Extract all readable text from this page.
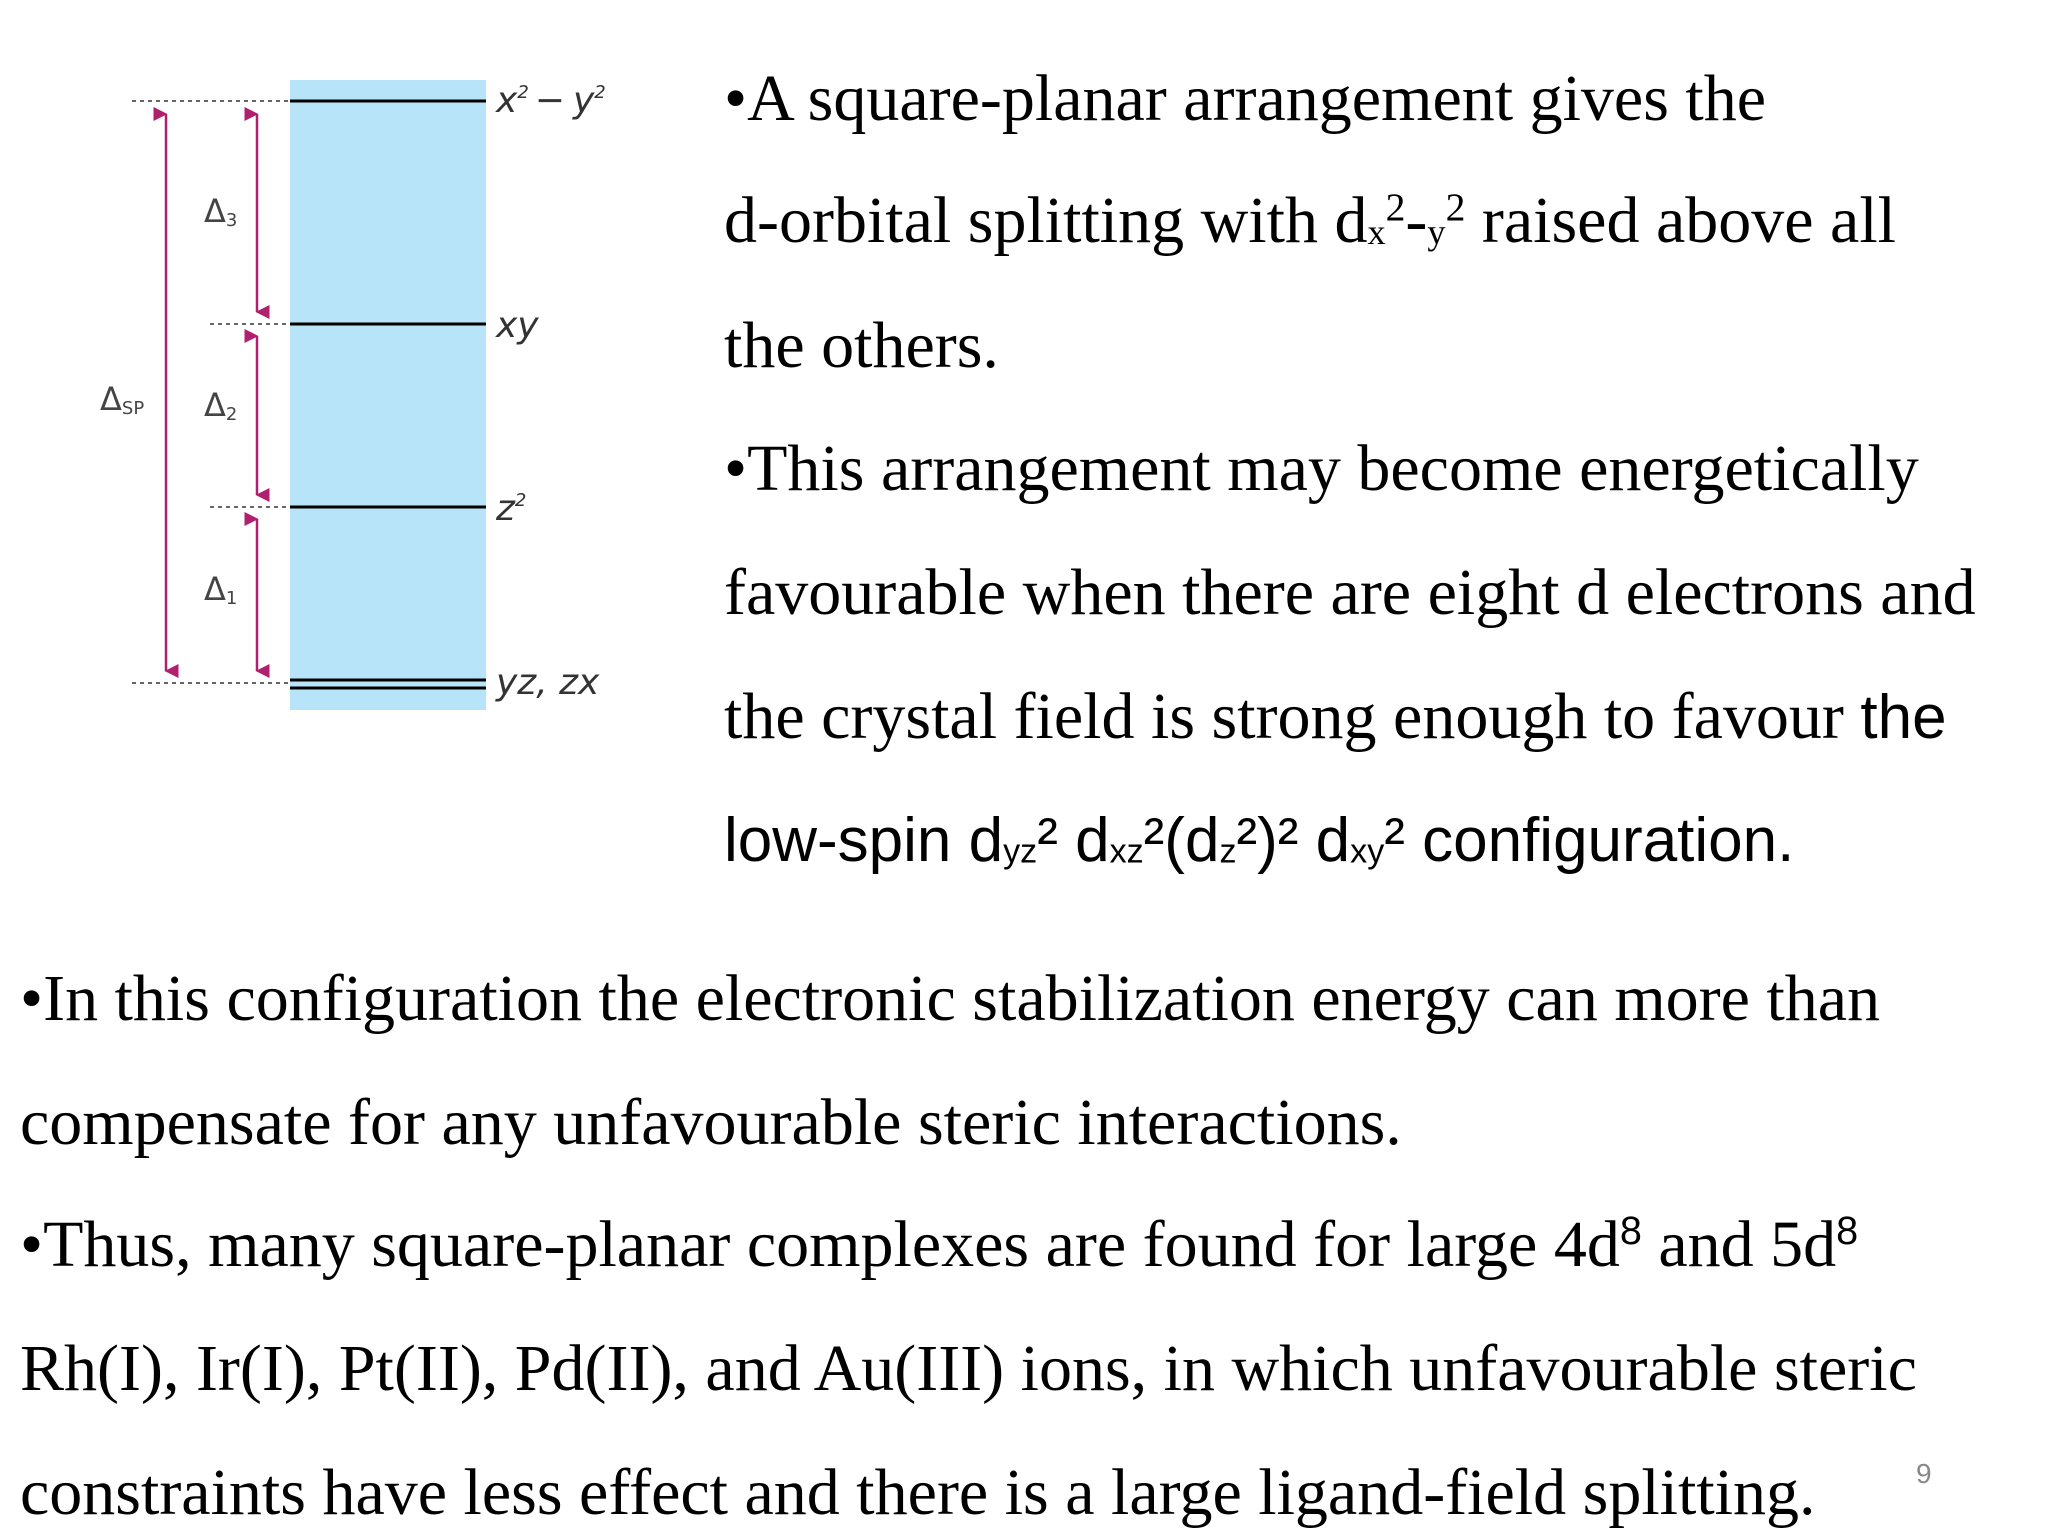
ΔSP
Δ3
Δ2
Δ1
$x^2 - y^2$
xy
$z^2$
yz, zx
•A square-planar arrangement gives the
d-orbital splitting with $dx^2-y^2$ raised above all
the others.
•This arrangement may become energetically
favourable when there are eight d electrons and
the crystal field is strong enough to favour the
low-spin dyz² dxz²(dz²)² dxy² configuration.
•In this configuration the electronic stabilization energy can more than
compensate for any unfavourable steric interactions.
•Thus, many square-planar complexes are found for large $4d^8$ and $5d^8$
Rh(I), Ir(I), Pt(II), Pd(II), and Au(III) ions, in which unfavourable steric
constraints have less effect and there is a large ligand-field splitting.	9
